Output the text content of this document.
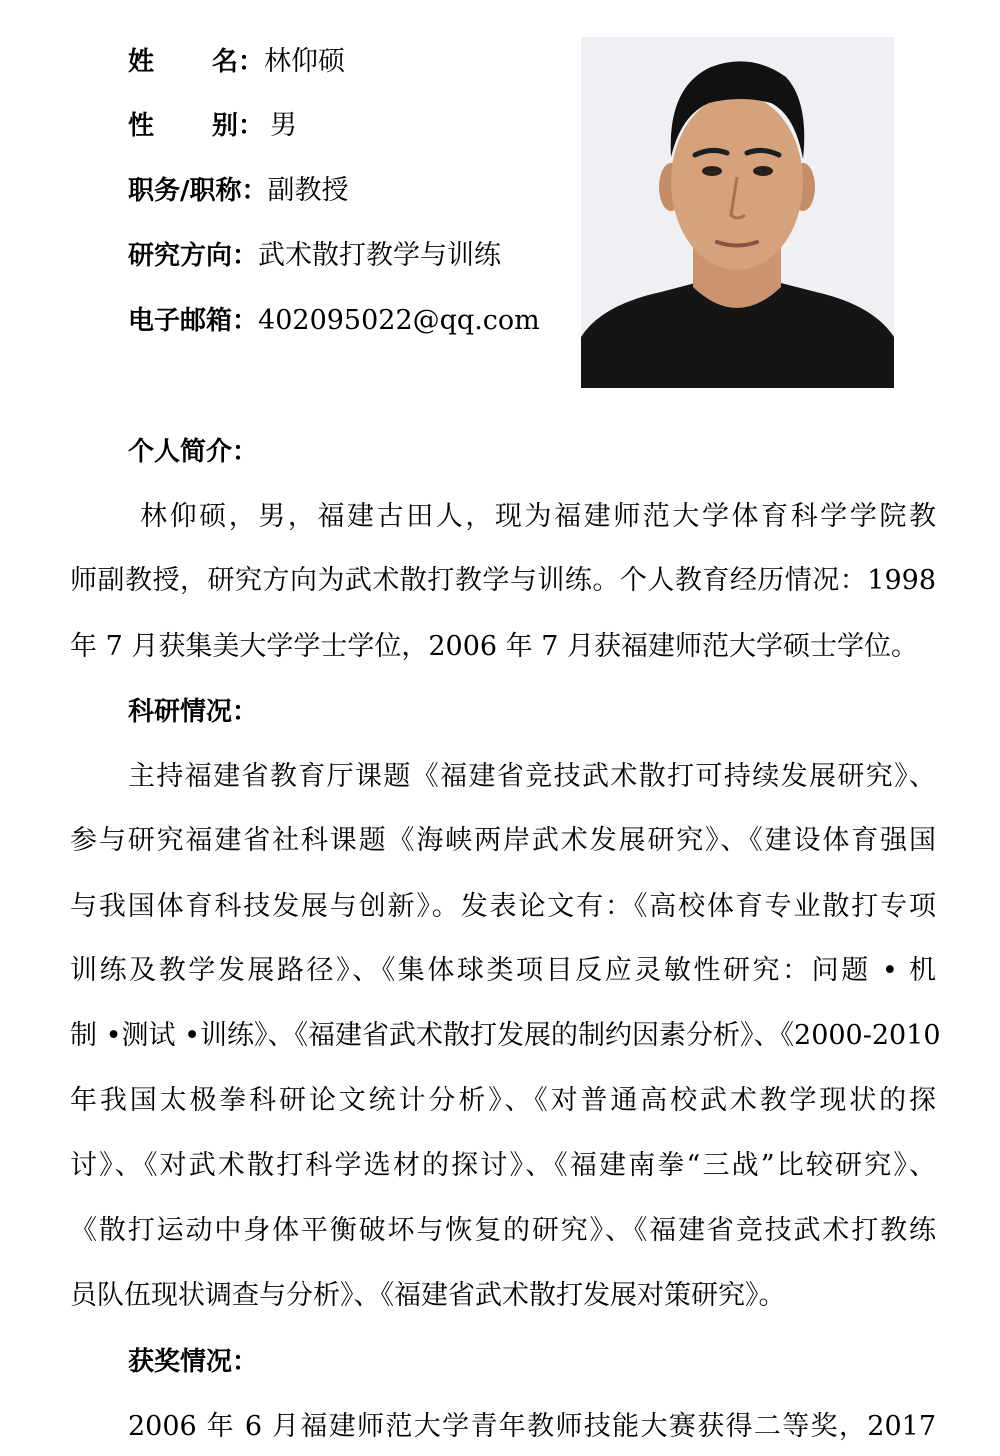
姓名：林仰硕
性别： 男
职务/职称：副教授
研究方向：武术散打教学与训练
电子邮箱：402095022@qq.com
个人简介：
林仰硕，男，福建古田人，现为福建师范大学体育科学学院教
师副教授，研究方向为武术散打教学与训练。个人教育经历情况：1998
年 7 月获集美大学学士学位，2006 年 7 月获福建师范大学硕士学位。
科研情况：
主持福建省教育厅课题《福建省竞技武术散打可持续发展研究》、
参与研究福建省社科课题《海峡两岸武术发展研究》、《建设体育强国
与我国体育科技发展与创新》。发表论文有：《高校体育专业散打专项
训练及教学发展路径》、《集体球类项目反应灵敏性研究：问题 • 机
制 •测试 •训练》、《福建省武术散打发展的制约因素分析》、《2000-2010
年我国太极拳科研论文统计分析》、《对普通高校武术教学现状的探
讨》、《对武术散打科学选材的探讨》、《福建南拳“三战”比较研究》、
《散打运动中身体平衡破坏与恢复的研究》、《福建省竞技武术打教练
员队伍现状调查与分析》、《福建省武术散打发展对策研究》。
获奖情况：
2006 年 6 月福建师范大学青年教师技能大赛获得二等奖，2017
